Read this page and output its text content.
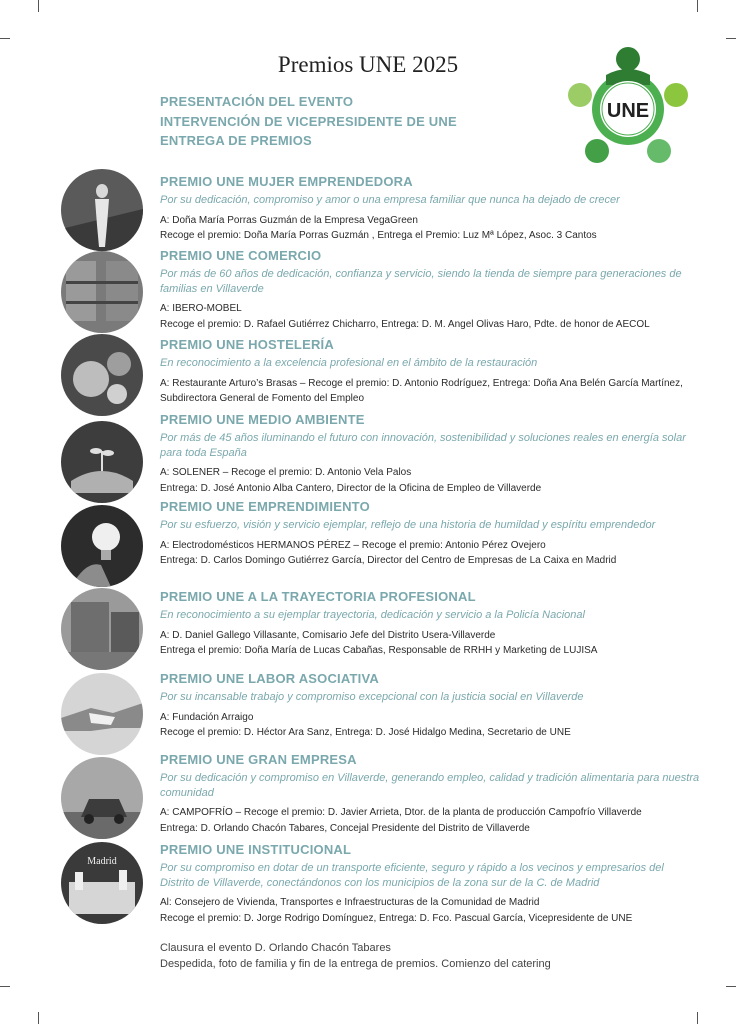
Premios UNE 2025
PRESENTACIÓN DEL EVENTO
INTERVENCIÓN DE VICEPRESIDENTE DE UNE
ENTREGA DE PREMIOS
UNE
Madrid

PREMIO UNE MUJER EMPRENDEDORA

Por su dedicación, compromiso y amor o una empresa familiar que nunca ha dejado de crecer

A: Doña María Porras Guzmán de la Empresa VegaGreen

Recoge el premio: Doña María Porras Guzmán , Entrega el Premio: Luz Mª López, Asoc. 3 Cantos

PREMIO UNE COMERCIO

Por más de 60 años de dedicación, confianza y servicio, siendo la tienda de siempre para generaciones de familias en Villaverde

A: IBERO-MOBEL

Recoge el premio: D. Rafael Gutiérrez Chicharro, Entrega: D. M. Angel Olivas Haro, Pdte. de honor de AECOL

PREMIO UNE HOSTELERÍA

En reconocimiento a la excelencia profesional en el ámbito de la restauración

A: Restaurante Arturo’s Brasas – Recoge el premio: D. Antonio Rodríguez, Entrega: Doña Ana Belén García Martínez, Subdirectora General de Fomento del Empleo

PREMIO UNE MEDIO AMBIENTE

Por más de 45 años iluminando el futuro con innovación, sostenibilidad y soluciones reales en energía solar para toda España

A: SOLENER – Recoge el premio: D. Antonio Vela Palos

Entrega: D. José Antonio Alba Cantero, Director de la Oficina de Empleo de Villaverde

PREMIO UNE EMPRENDIMIENTO

Por su esfuerzo, visión y servicio ejemplar, reflejo de una historia de humildad y espíritu emprendedor

A: Electrodomésticos HERMANOS PÉREZ – Recoge el premio: Antonio Pérez Ovejero

Entrega: D. Carlos Domingo Gutiérrez García, Director del Centro de Empresas de La Caixa en Madrid

PREMIO UNE A LA TRAYECTORIA PROFESIONAL

En reconocimiento a su ejemplar trayectoria, dedicación y servicio a la Policía Nacional

A: D. Daniel Gallego Villasante, Comisario Jefe del Distrito Usera-Villaverde

Entrega el premio: Doña María de Lucas Cabañas, Responsable de RRHH y Marketing de LUJISA

PREMIO UNE LABOR ASOCIATIVA

Por su incansable trabajo y compromiso excepcional con la justicia social en Villaverde

A: Fundación Arraigo

Recoge el premio: D. Héctor Ara Sanz, Entrega: D. José Hidalgo Medina, Secretario de UNE

PREMIO UNE GRAN EMPRESA

Por su dedicación y compromiso en Villaverde, generando empleo, calidad y tradición alimentaria para nuestra comunidad

A: CAMPOFRÍO – Recoge el premio: D. Javier Arrieta, Dtor. de la planta de producción Campofrío Villaverde

Entrega: D. Orlando Chacón Tabares, Concejal Presidente del Distrito de Villaverde

PREMIO UNE INSTITUCIONAL

Por su compromiso en dotar de un transporte eficiente, seguro y rápido a los vecinos y empresarios del Distrito de Villaverde, conectándonos con los municipios de la zona sur de la C. de Madrid

Al: Consejero de Vivienda, Transportes e Infraestructuras de la Comunidad de Madrid

Recoge el premio: D. Jorge Rodrigo Domínguez, Entrega: D. Fco. Pascual García, Vicepresidente de UNE

Clausura el evento D. Orlando Chacón Tabares
Despedida, foto de familia y fin de la entrega de premios. Comienzo del catering
